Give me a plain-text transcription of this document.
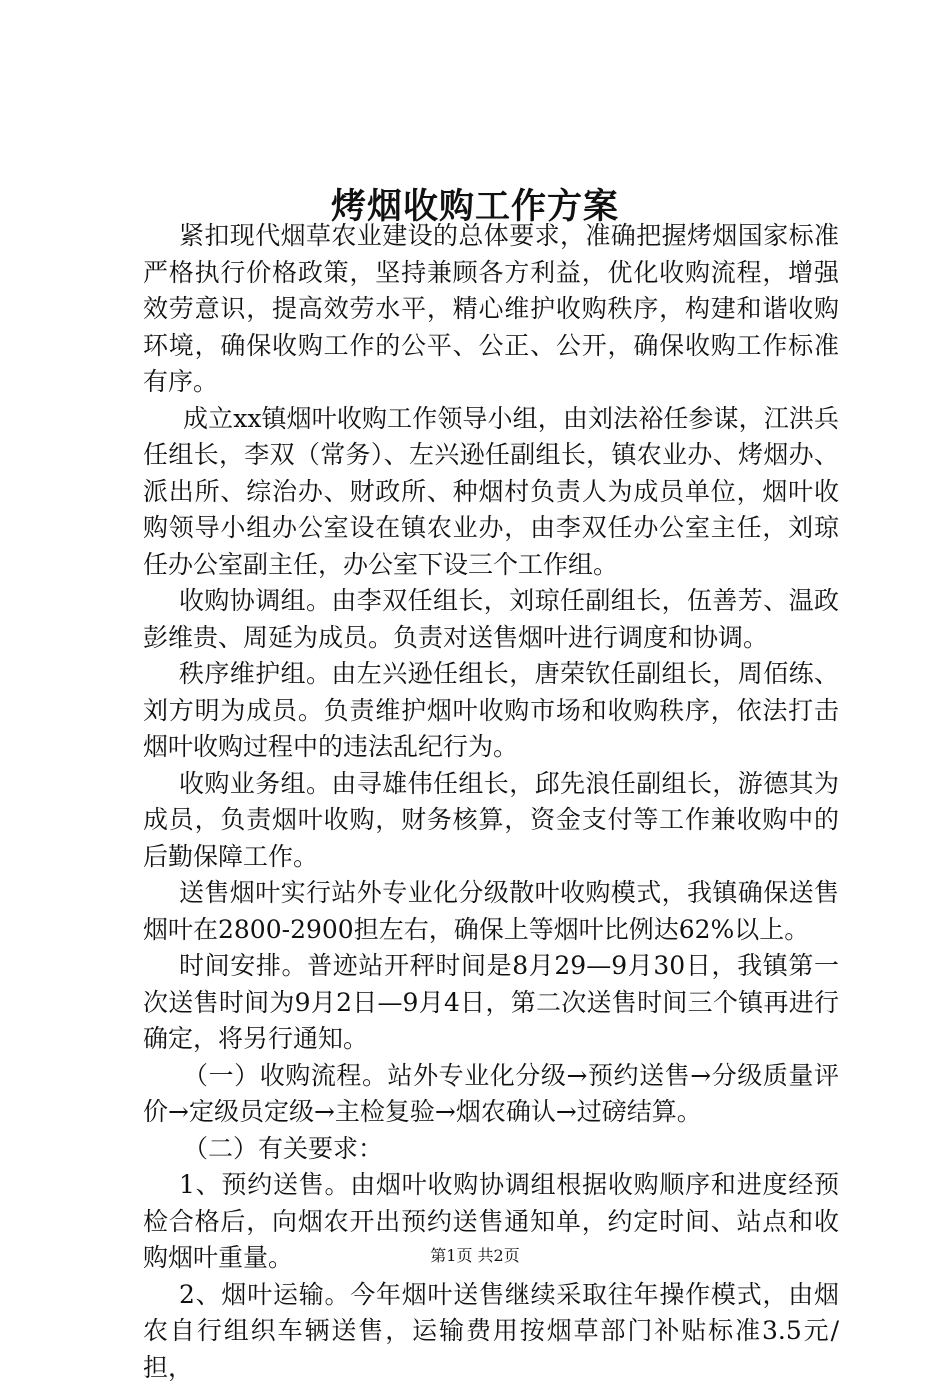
烤烟收购工作方案

紧扣现代烟草农业建设的总体要求，准确把握烤烟国家标准严格执行价格政策，坚持兼顾各方利益，优化收购流程，增强效劳意识，提高效劳水平，精心维护收购秩序，构建和谐收购环境，确保收购工作的公平、公正、公开，确保收购工作标准有序。

成立xx镇烟叶收购工作领导小组，由刘法裕任参谋，江洪兵任组长，李双（常务）、左兴逊任副组长，镇农业办、烤烟办、派出所、综治办、财政所、种烟村负责人为成员单位，烟叶收购领导小组办公室设在镇农业办，由李双任办公室主任，刘琼任办公室副主任，办公室下设三个工作组。

收购协调组。由李双任组长，刘琼任副组长，伍善芳、温政彭维贵、周延为成员。负责对送售烟叶进行调度和协调。

秩序维护组。由左兴逊任组长，唐荣钦任副组长，周佰练、刘方明为成员。负责维护烟叶收购市场和收购秩序，依法打击烟叶收购过程中的违法乱纪行为。

收购业务组。由寻雄伟任组长，邱先浪任副组长，游德其为成员，负责烟叶收购，财务核算，资金支付等工作兼收购中的后勤保障工作。

送售烟叶实行站外专业化分级散叶收购模式，我镇确保送售烟叶在2800-2900担左右，确保上等烟叶比例达62%以上。

时间安排。普迹站开秤时间是8月29—9月30日，我镇第一次送售时间为9月2日—9月4日，第二次送售时间三个镇再进行确定，将另行通知。

（一）收购流程。站外专业化分级→预约送售→分级质量评价→定级员定级→主检复验→烟农确认→过磅结算。

（二）有关要求：

1、预约送售。由烟叶收购协调组根据收购顺序和进度经预检合格后，向烟农开出预约送售通知单，约定时间、站点和收购烟叶重量。

2、烟叶运输。今年烟叶送售继续采取往年操作模式，由烟农自行组织车辆送售，运输费用按烟草部门补贴标准3.5元/担，

第1页 共2页
